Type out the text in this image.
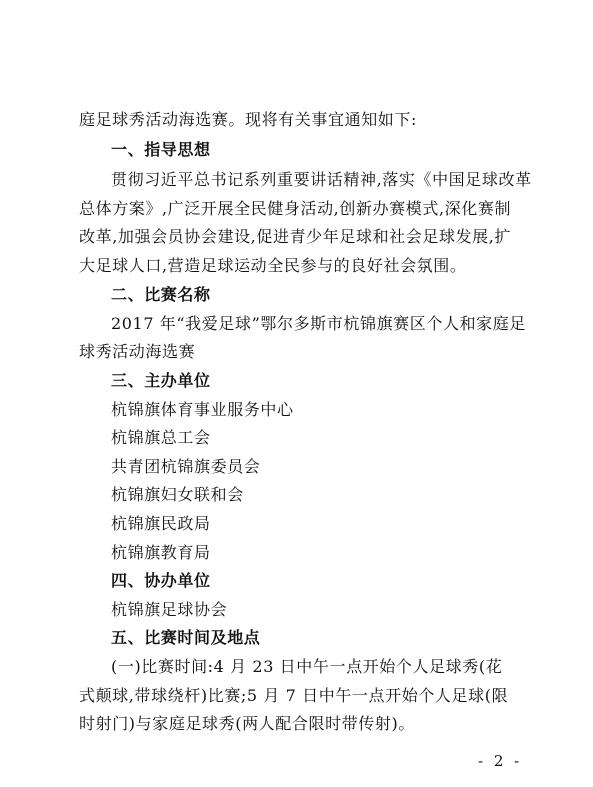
庭足球秀活动海选赛。现将有关事宜通知如下:
一、指导思想
贯彻习近平总书记系列重要讲话精神,落实《中国足球改革
总体方案》,广泛开展全民健身活动,创新办赛模式,深化赛制
改革,加强会员协会建设,促进青少年足球和社会足球发展,扩
大足球人口,营造足球运动全民参与的良好社会氛围。
二、比赛名称
2017 年“我爱足球”鄂尔多斯市杭锦旗赛区个人和家庭足
球秀活动海选赛
三、主办单位
杭锦旗体育事业服务中心
杭锦旗总工会
共青团杭锦旗委员会
杭锦旗妇女联和会
杭锦旗民政局
杭锦旗教育局
四、协办单位
杭锦旗足球协会
五、比赛时间及地点
(一)比赛时间:4 月 23 日中午一点开始个人足球秀(花
式颠球,带球绕杆)比赛;5 月 7 日中午一点开始个人足球(限
时射门)与家庭足球秀(两人配合限时带传射)。
- 2 -
